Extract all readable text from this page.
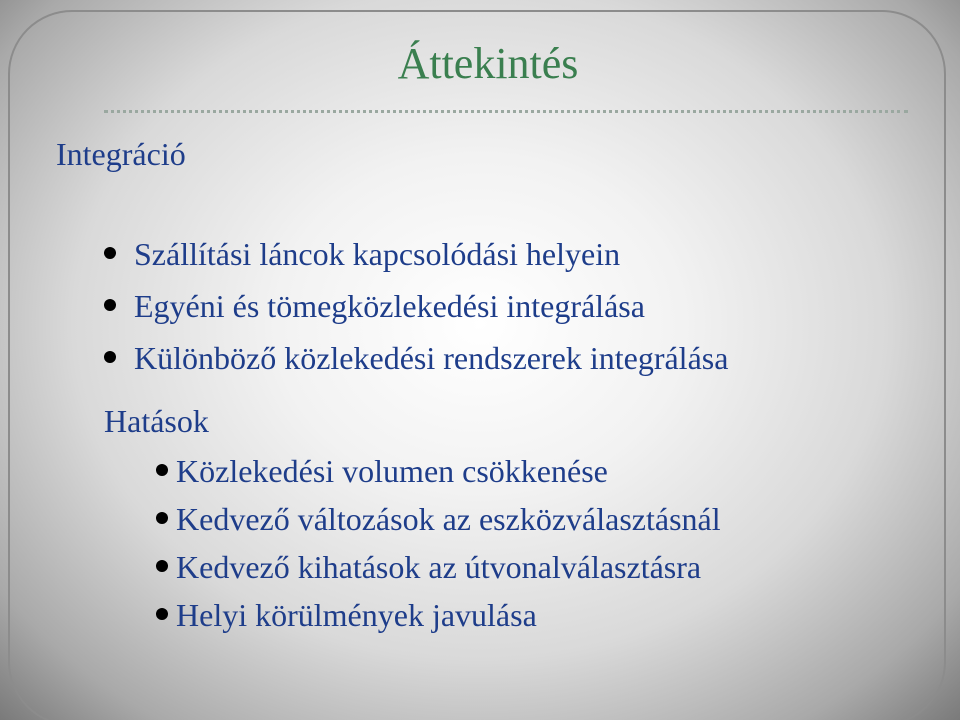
Áttekintés
Integráció
Szállítási láncok kapcsolódási helyein
Egyéni és tömegközlekedési integrálása
Különböző közlekedési rendszerek integrálása
Hatások
Közlekedési volumen csökkenése
Kedvező változások az eszközválasztásnál
Kedvező kihatások az útvonalválasztásra
Helyi körülmények javulása
